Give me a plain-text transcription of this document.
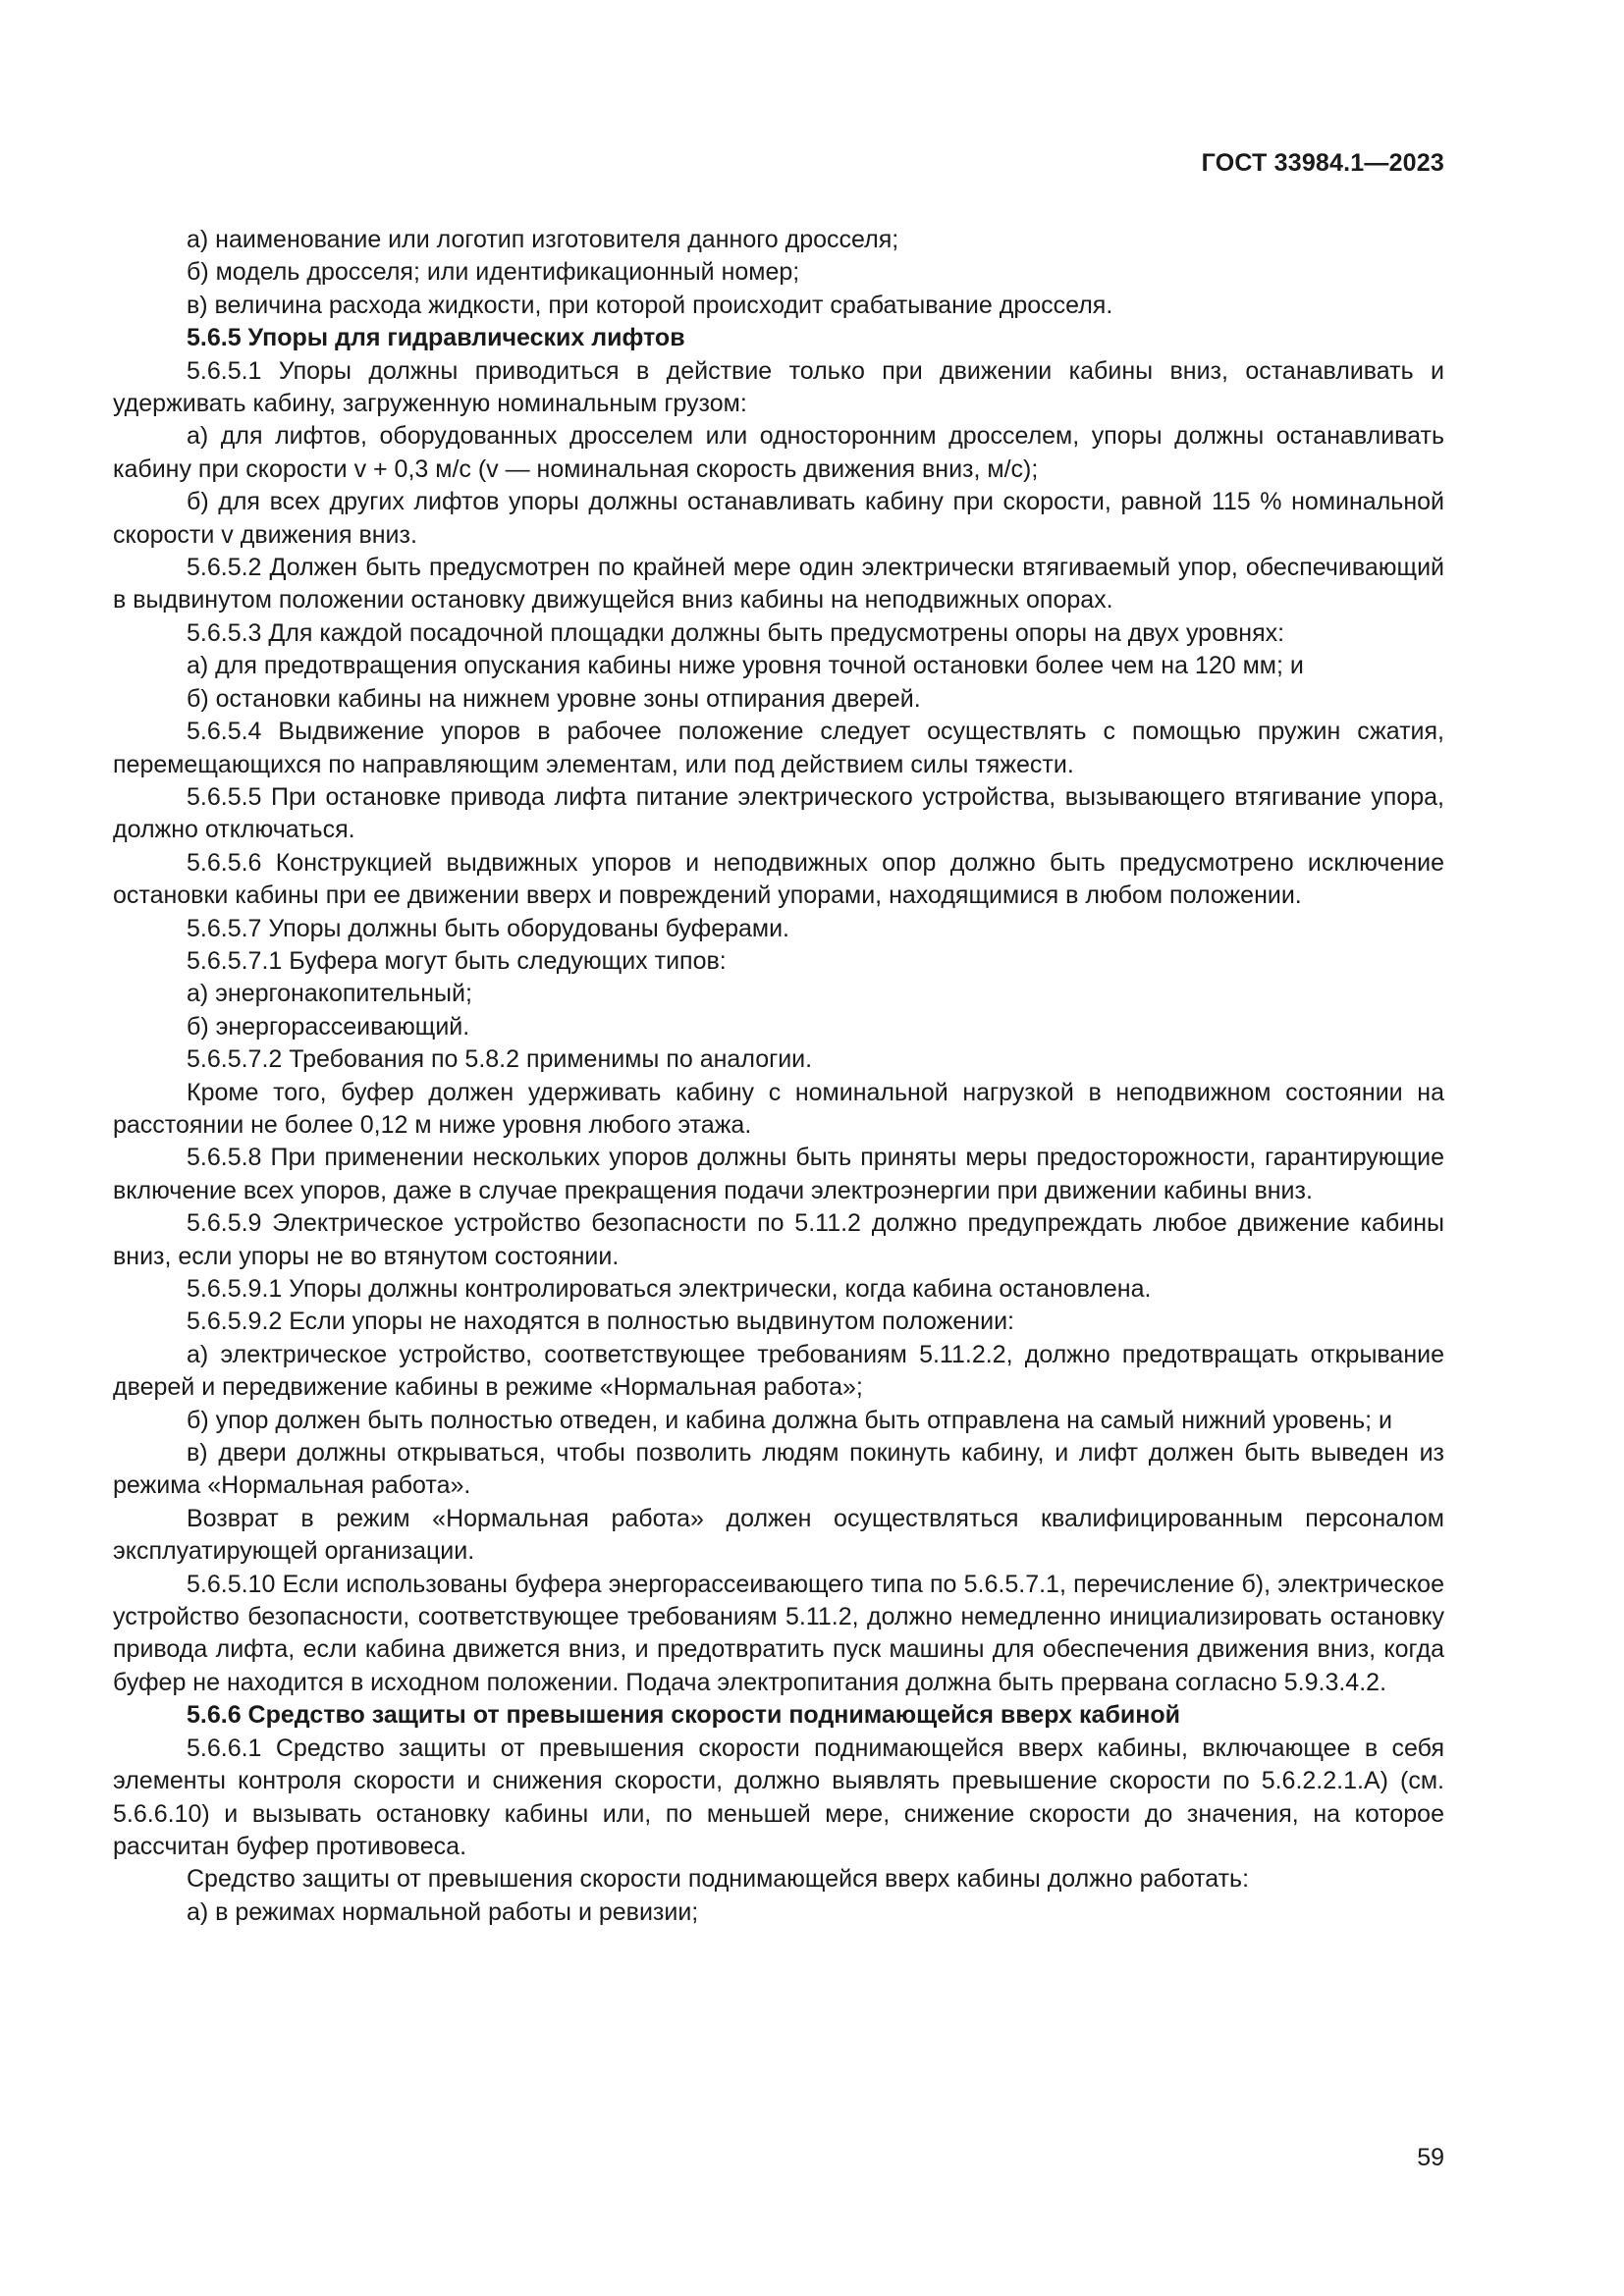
ГОСТ 33984.1—2023

а) наименование или логотип изготовителя данного дросселя;

б) модель дросселя; или идентификационный номер;

в) величина расхода жидкости, при которой происходит срабатывание дросселя.

5.6.5 Упоры для гидравлических лифтов

5.6.5.1 Упоры должны приводиться в действие только при движении кабины вниз, останавливать и удерживать кабину, загруженную номинальным грузом:

а) для лифтов, оборудованных дросселем или односторонним дросселем, упоры должны останавливать кабину при скорости v + 0,3 м/с (v — номинальная скорость движения вниз, м/с);

б) для всех других лифтов упоры должны останавливать кабину при скорости, равной 115 % номинальной скорости v движения вниз.

5.6.5.2 Должен быть предусмотрен по крайней мере один электрически втягиваемый упор, обеспечивающий в выдвинутом положении остановку движущейся вниз кабины на неподвижных опорах.

5.6.5.3 Для каждой посадочной площадки должны быть предусмотрены опоры на двух уровнях:

а) для предотвращения опускания кабины ниже уровня точной остановки более чем на 120 мм; и

б) остановки кабины на нижнем уровне зоны отпирания дверей.

5.6.5.4 Выдвижение упоров в рабочее положение следует осуществлять с помощью пружин сжатия, перемещающихся по направляющим элементам, или под действием силы тяжести.

5.6.5.5 При остановке привода лифта питание электрического устройства, вызывающего втягивание упора, должно отключаться.

5.6.5.6 Конструкцией выдвижных упоров и неподвижных опор должно быть предусмотрено исключение остановки кабины при ее движении вверх и повреждений упорами, находящимися в любом положении.

5.6.5.7 Упоры должны быть оборудованы буферами.

5.6.5.7.1 Буфера могут быть следующих типов:

а) энергонакопительный;

б) энергорассеивающий.

5.6.5.7.2 Требования по 5.8.2 применимы по аналогии.

Кроме того, буфер должен удерживать кабину с номинальной нагрузкой в неподвижном состоянии на расстоянии не более 0,12 м ниже уровня любого этажа.

5.6.5.8 При применении нескольких упоров должны быть приняты меры предосторожности, гарантирующие включение всех упоров, даже в случае прекращения подачи электроэнергии при движении кабины вниз.

5.6.5.9 Электрическое устройство безопасности по 5.11.2 должно предупреждать любое движение кабины вниз, если упоры не во втянутом состоянии.

5.6.5.9.1 Упоры должны контролироваться электрически, когда кабина остановлена.

5.6.5.9.2 Если упоры не находятся в полностью выдвинутом положении:

а) электрическое устройство, соответствующее требованиям 5.11.2.2, должно предотвращать открывание дверей и передвижение кабины в режиме «Нормальная работа»;

б) упор должен быть полностью отведен, и кабина должна быть отправлена на самый нижний уровень; и

в) двери должны открываться, чтобы позволить людям покинуть кабину, и лифт должен быть выведен из режима «Нормальная работа».

Возврат в режим «Нормальная работа» должен осуществляться квалифицированным персоналом эксплуатирующей организации.

5.6.5.10 Если использованы буфера энергорассеивающего типа по 5.6.5.7.1, перечисление б), электрическое устройство безопасности, соответствующее требованиям 5.11.2, должно немедленно инициализировать остановку привода лифта, если кабина движется вниз, и предотвратить пуск машины для обеспечения движения вниз, когда буфер не находится в исходном положении. Подача электропитания должна быть прервана согласно 5.9.3.4.2.

5.6.6 Средство защиты от превышения скорости поднимающейся вверх кабиной

5.6.6.1 Средство защиты от превышения скорости поднимающейся вверх кабины, включающее в себя элементы контроля скорости и снижения скорости, должно выявлять превышение скорости по 5.6.2.2.1.А) (см. 5.6.6.10) и вызывать остановку кабины или, по меньшей мере, снижение скорости до значения, на которое рассчитан буфер противовеса.

Средство защиты от превышения скорости поднимающейся вверх кабины должно работать:

а) в режимах нормальной работы и ревизии;

59
